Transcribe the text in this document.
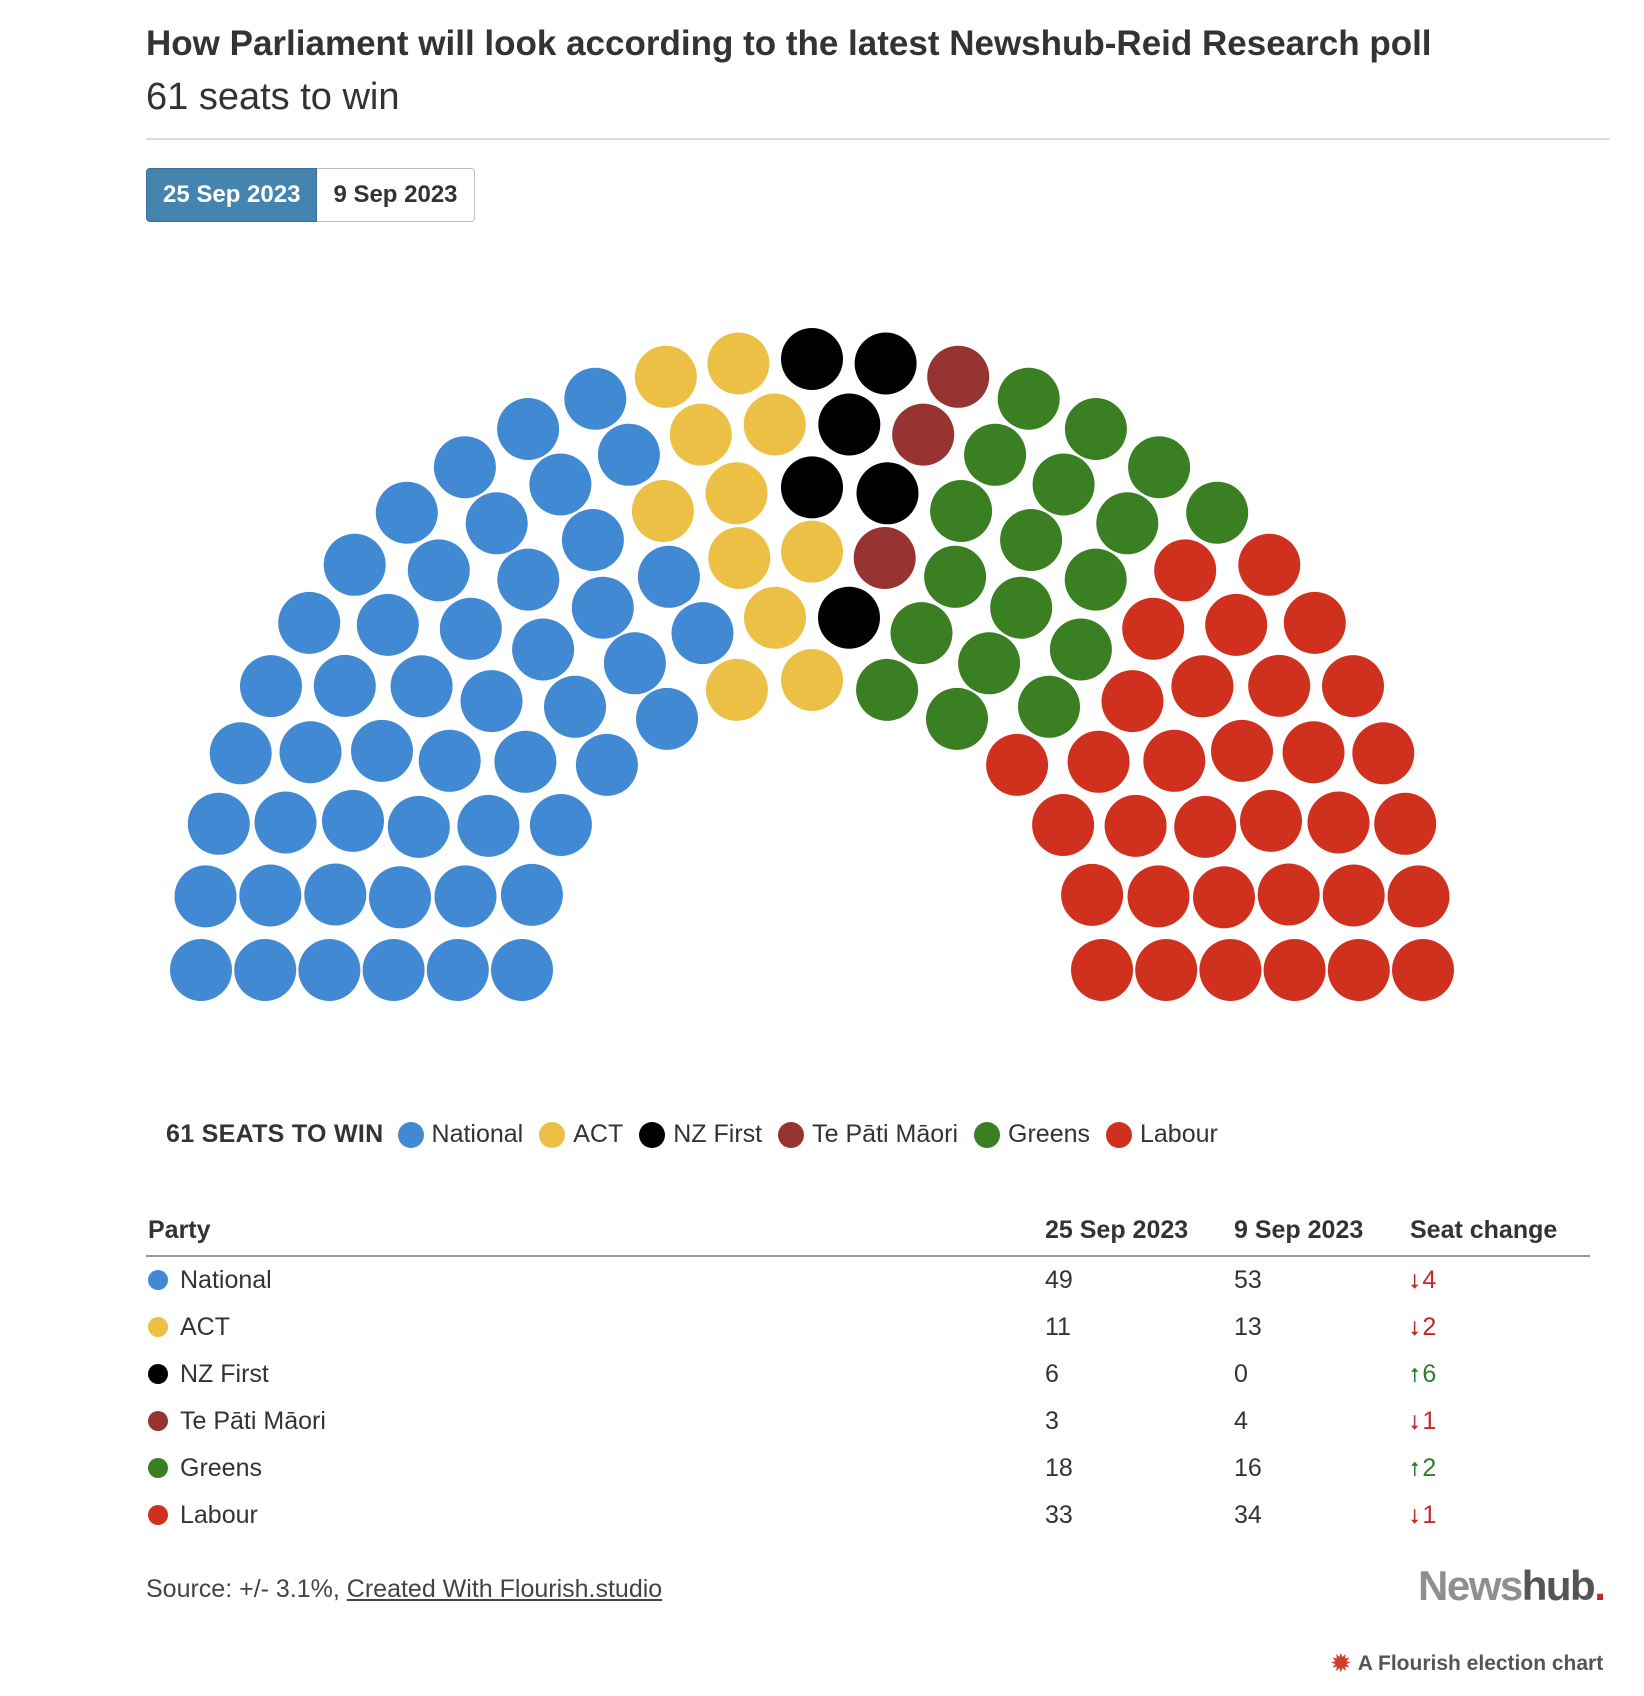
How Parliament will look according to the latest Newshub-Reid Research poll
61 seats to win
25 Sep 2023	9 Sep 2023
61 SEATS TO WIN National ACT NZ First Te Pāti Māori Greens Labour
Party	25 Sep 2023	9 Sep 2023	Seat change
National	49	53	⭣ 4
ACT	11	13	⭣ 2
NZ First	6	0	⭡ 6
Te Pāti Māori	3	4	⭣ 1
Greens	18	16	⭡ 2
Labour	33	34	⭣ 1
Source: +/- 3.1%, Created With Flourish.studio	Newshub.
✹ A Flourish election chart
